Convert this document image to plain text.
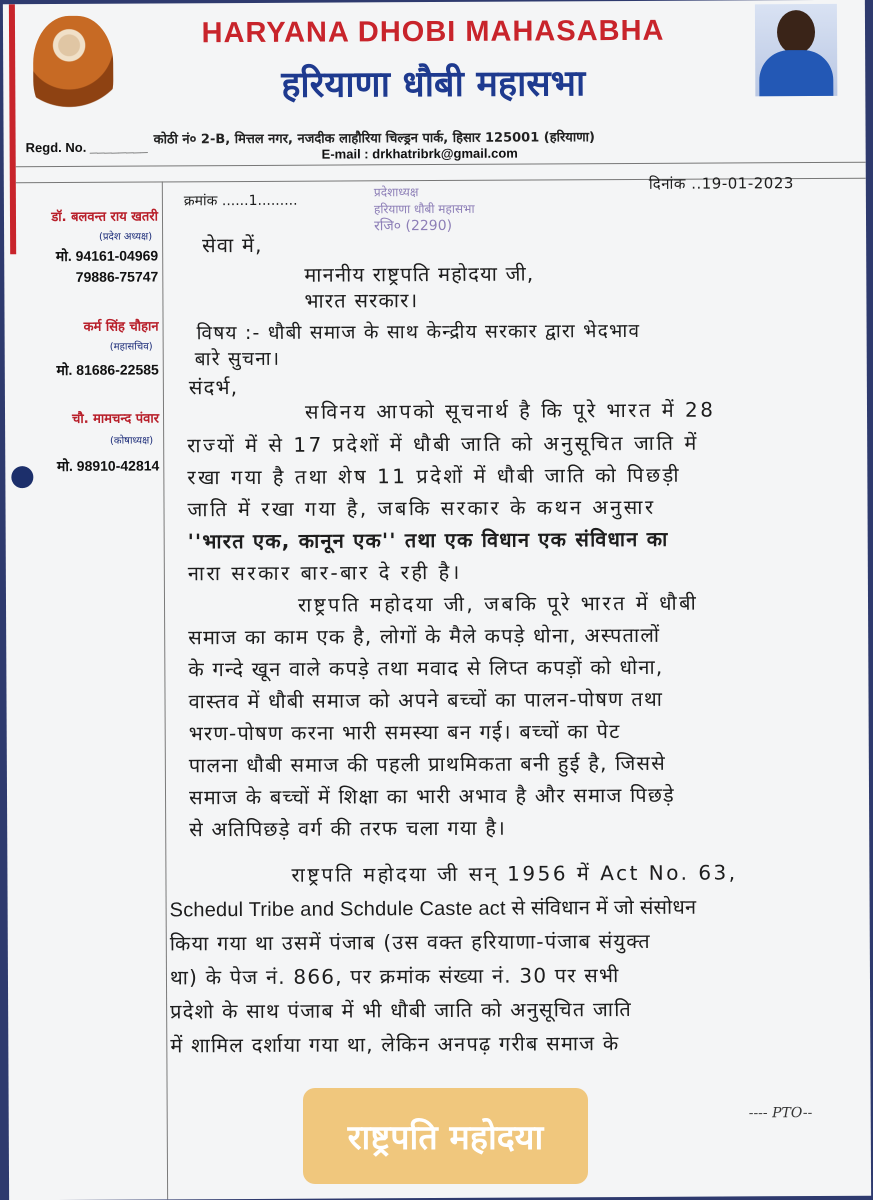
HARYANA DHOBI MAHASABHA
हरियाणा धौबी महासभा
Regd. No. ________ कोठी नं० 2-B, मित्तल नगर, नजदीक लाहौरिया चिल्ड्रन पार्क, हिसार 125001 (हरियाणा)
E-mail : drkhatribrk@gmail.com
डॉ. बलवन्त राय खतरी
(प्रदेश अध्यक्ष)
मो. 94161-04969
79886-75747
कर्म सिंह चौहान
(महासचिव)
मो. 81686-22585
चौ. मामचन्द पंवार
(कोषाध्यक्ष)
मो. 98910-42814
क्रमांक ......1.........
प्रदेशाध्यक्ष
हरियाणा धौबी महासभा
रजि० (2290)
दिनांक ..19-01-2023
सेवा में,
माननीय राष्ट्रपति महोदया जी,
भारत सरकार।
विषय :- धौबी समाज के साथ केन्द्रीय सरकार द्वारा भेदभाव
बारे सुचना।
संदर्भ,
सविनय आपको सूचनार्थ है कि पूरे भारत में 28
राज्यों में से 17 प्रदेशों में धौबी जाति को अनुसूचित जाति में
रखा गया है तथा शेष 11 प्रदेशों में धौबी जाति को पिछड़ी
जाति में रखा गया है, जबकि सरकार के कथन अनुसार
''भारत एक, कानून एक'' तथा एक विधान एक संविधान का
नारा सरकार बार-बार दे रही है।
राष्ट्रपति महोदया जी, जबकि पूरे भारत में धौबी
समाज का काम एक है, लोगों के मैले कपड़े धोना, अस्पतालों
के गन्दे खून वाले कपड़े तथा मवाद से लिप्त कपड़ों को धोना,
वास्तव में धौबी समाज को अपने बच्चों का पालन-पोषण तथा
भरण-पोषण करना भारी समस्या बन गई। बच्चों का पेट
पालना धौबी समाज की पहली प्राथमिकता बनी हुई है, जिससे
समाज के बच्चों में शिक्षा का भारी अभाव है और समाज पिछड़े
से अतिपिछड़े वर्ग की तरफ चला गया है।
राष्ट्रपति महोदया जी सन् 1956 में Act No. 63,
Schedul Tribe and Schdule Caste act से संविधान में जो संसोधन
किया गया था उसमें पंजाब (उस वक्त हरियाणा-पंजाब संयुक्त
था) के पेज नं. 866, पर क्रमांक संख्या नं. 30 पर सभी
प्रदेशो के साथ पंजाब में भी धौबी जाति को अनुसूचित जाति
में शामिल दर्शाया गया था, लेकिन अनपढ़ गरीब समाज के
---- PTO--
राष्ट्रपति महोदया
